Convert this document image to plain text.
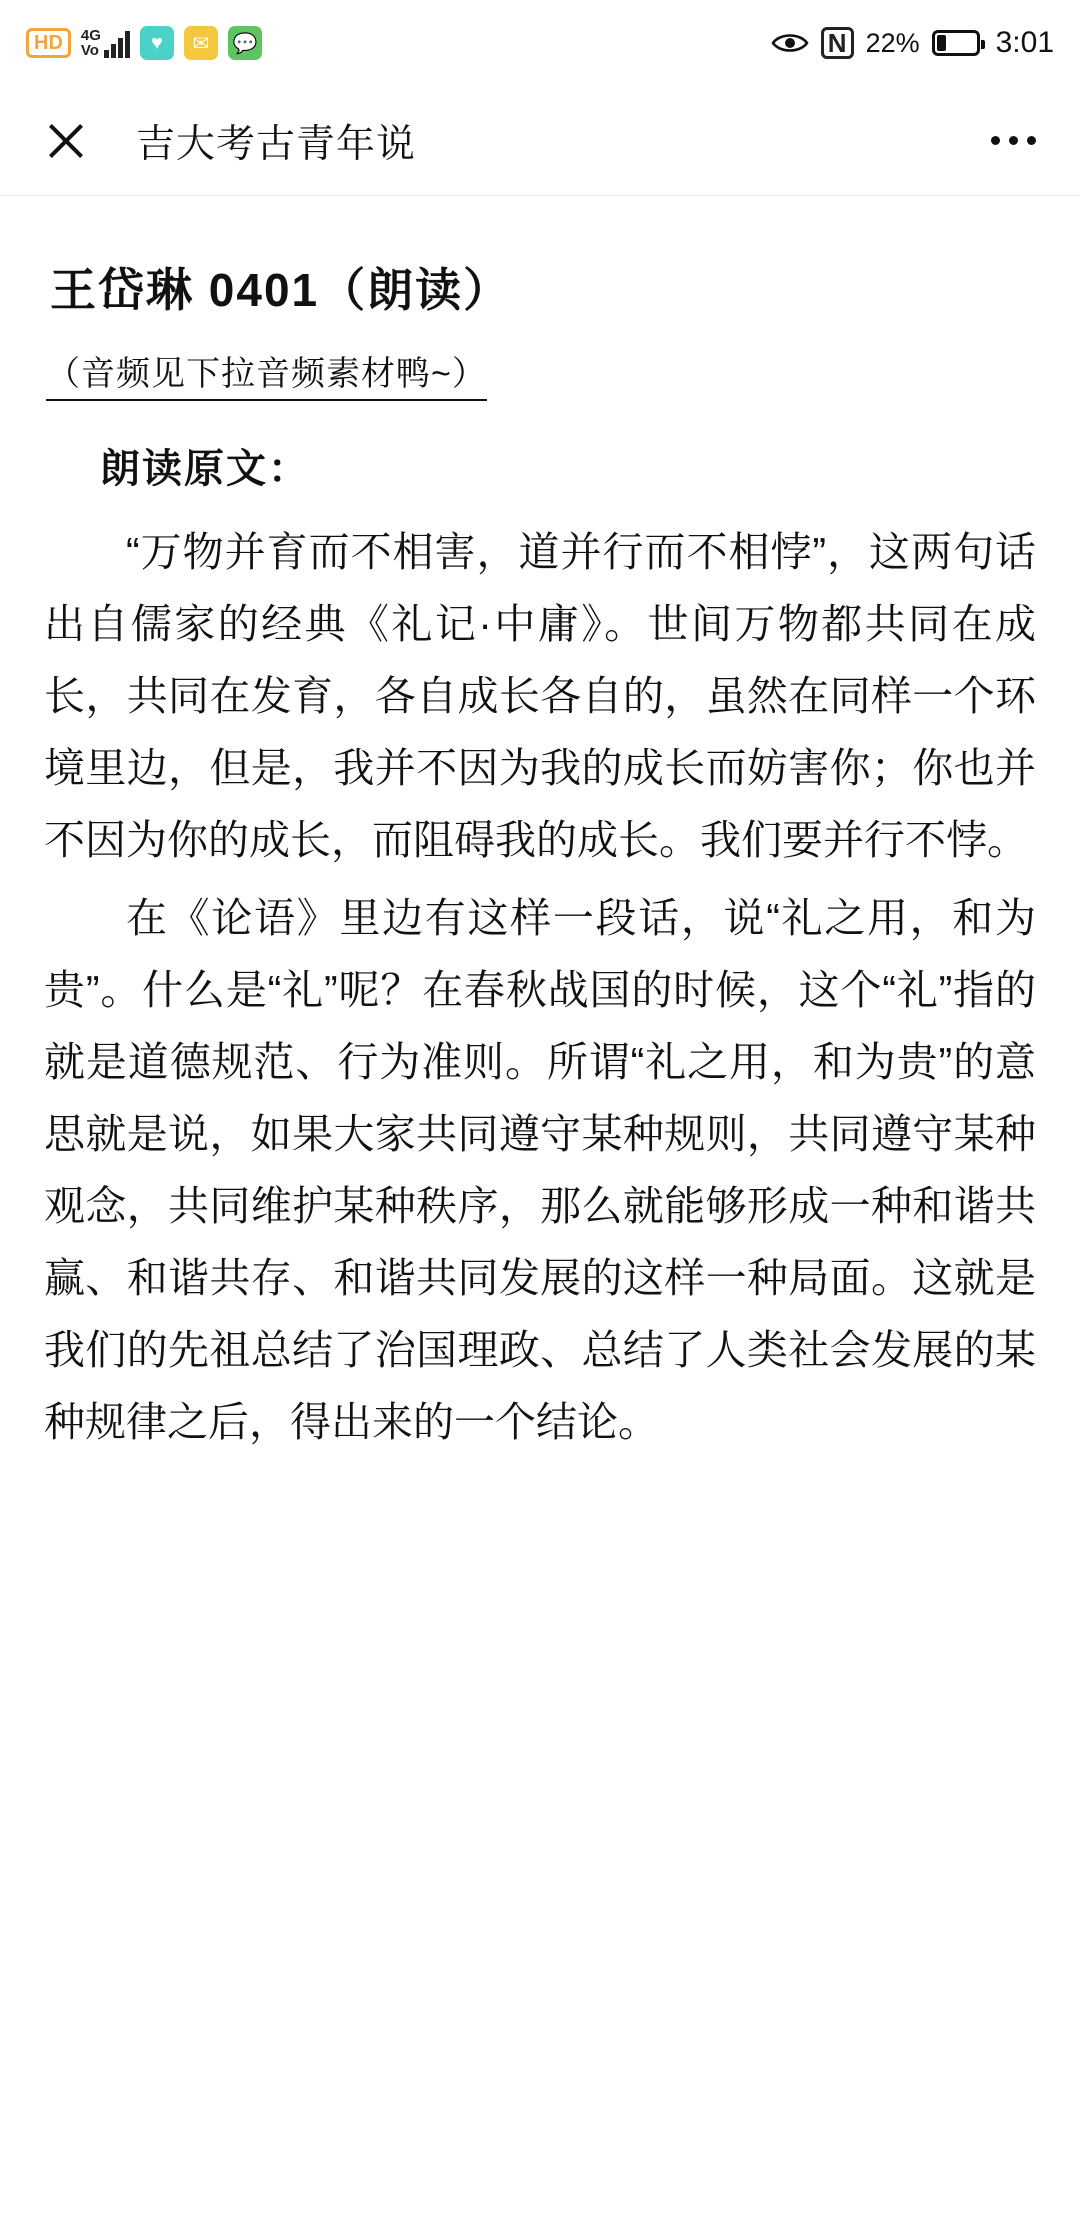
HD	4G
Vo	♥	✉	💬	N 22%	3:01
吉大考古青年说
王岱琳 0401（朗读）
（音频见下拉音频素材鸭~）
朗读原文：

“万物并育而不相害，道并行而不相悖”，这两句话出自儒家的经典《礼记·中庸》。世间万物都共同在成长，共同在发育，各自成长各自的，虽然在同样一个环境里边，但是，我并不因为我的成长而妨害你；你也并不因为你的成长，而阻碍我的成长。我们要并行不悖。

在《论语》里边有这样一段话，说“礼之用，和为贵”。什么是“礼”呢？在春秋战国的时候，这个“礼”指的就是道德规范、行为准则。所谓“礼之用，和为贵”的意思就是说，如果大家共同遵守某种规则，共同遵守某种观念，共同维护某种秩序，那么就能够形成一种和谐共赢、和谐共存、和谐共同发展的这样一种局面。这就是我们的先祖总结了治国理政、总结了人类社会发展的某种规律之后，得出来的一个结论。
